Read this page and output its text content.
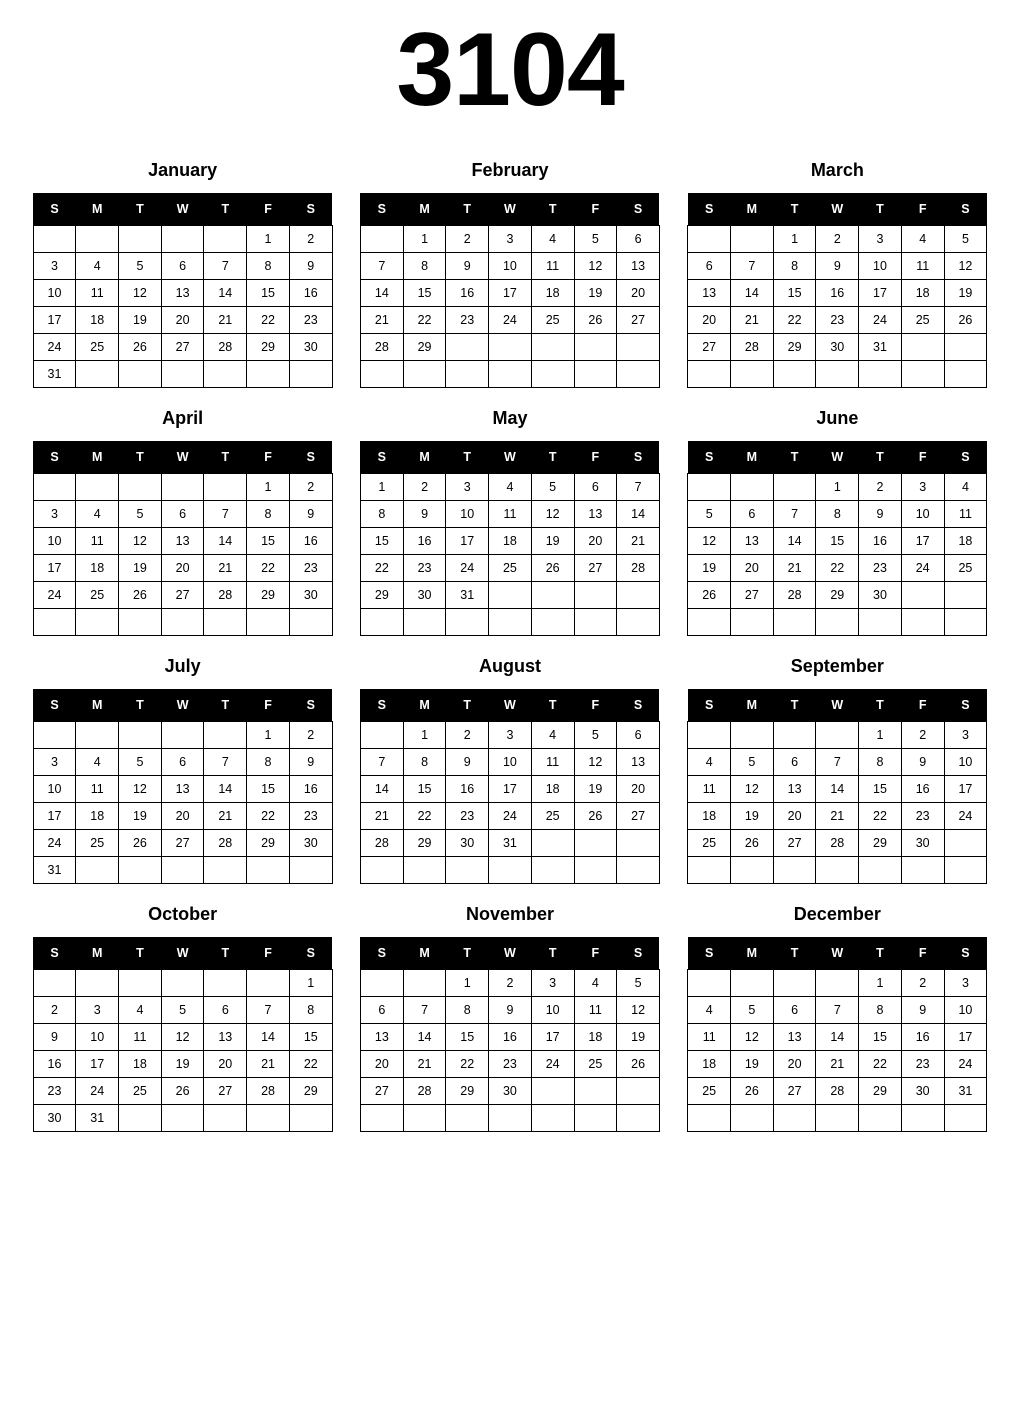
3104
January
S	M	T	W	T	F	S
					1	2
3	4	5	6	7	8	9
10	11	12	13	14	15	16
17	18	19	20	21	22	23
24	25	26	27	28	29	30
31						
February
S	M	T	W	T	F	S
	1	2	3	4	5	6
7	8	9	10	11	12	13
14	15	16	17	18	19	20
21	22	23	24	25	26	27
28	29					

March
S	M	T	W	T	F	S
		1	2	3	4	5
6	7	8	9	10	11	12
13	14	15	16	17	18	19
20	21	22	23	24	25	26
27	28	29	30	31		

April
S	M	T	W	T	F	S
					1	2
3	4	5	6	7	8	9
10	11	12	13	14	15	16
17	18	19	20	21	22	23
24	25	26	27	28	29	30

May
S	M	T	W	T	F	S
1	2	3	4	5	6	7
8	9	10	11	12	13	14
15	16	17	18	19	20	21
22	23	24	25	26	27	28
29	30	31				

June
S	M	T	W	T	F	S
			1	2	3	4
5	6	7	8	9	10	11
12	13	14	15	16	17	18
19	20	21	22	23	24	25
26	27	28	29	30		

July
S	M	T	W	T	F	S
					1	2
3	4	5	6	7	8	9
10	11	12	13	14	15	16
17	18	19	20	21	22	23
24	25	26	27	28	29	30
31						
August
S	M	T	W	T	F	S
	1	2	3	4	5	6
7	8	9	10	11	12	13
14	15	16	17	18	19	20
21	22	23	24	25	26	27
28	29	30	31			

September
S	M	T	W	T	F	S
				1	2	3
4	5	6	7	8	9	10
11	12	13	14	15	16	17
18	19	20	21	22	23	24
25	26	27	28	29	30	

October
S	M	T	W	T	F	S
						1
2	3	4	5	6	7	8
9	10	11	12	13	14	15
16	17	18	19	20	21	22
23	24	25	26	27	28	29
30	31					
November
S	M	T	W	T	F	S
		1	2	3	4	5
6	7	8	9	10	11	12
13	14	15	16	17	18	19
20	21	22	23	24	25	26
27	28	29	30			

December
S	M	T	W	T	F	S
				1	2	3
4	5	6	7	8	9	10
11	12	13	14	15	16	17
18	19	20	21	22	23	24
25	26	27	28	29	30	31
